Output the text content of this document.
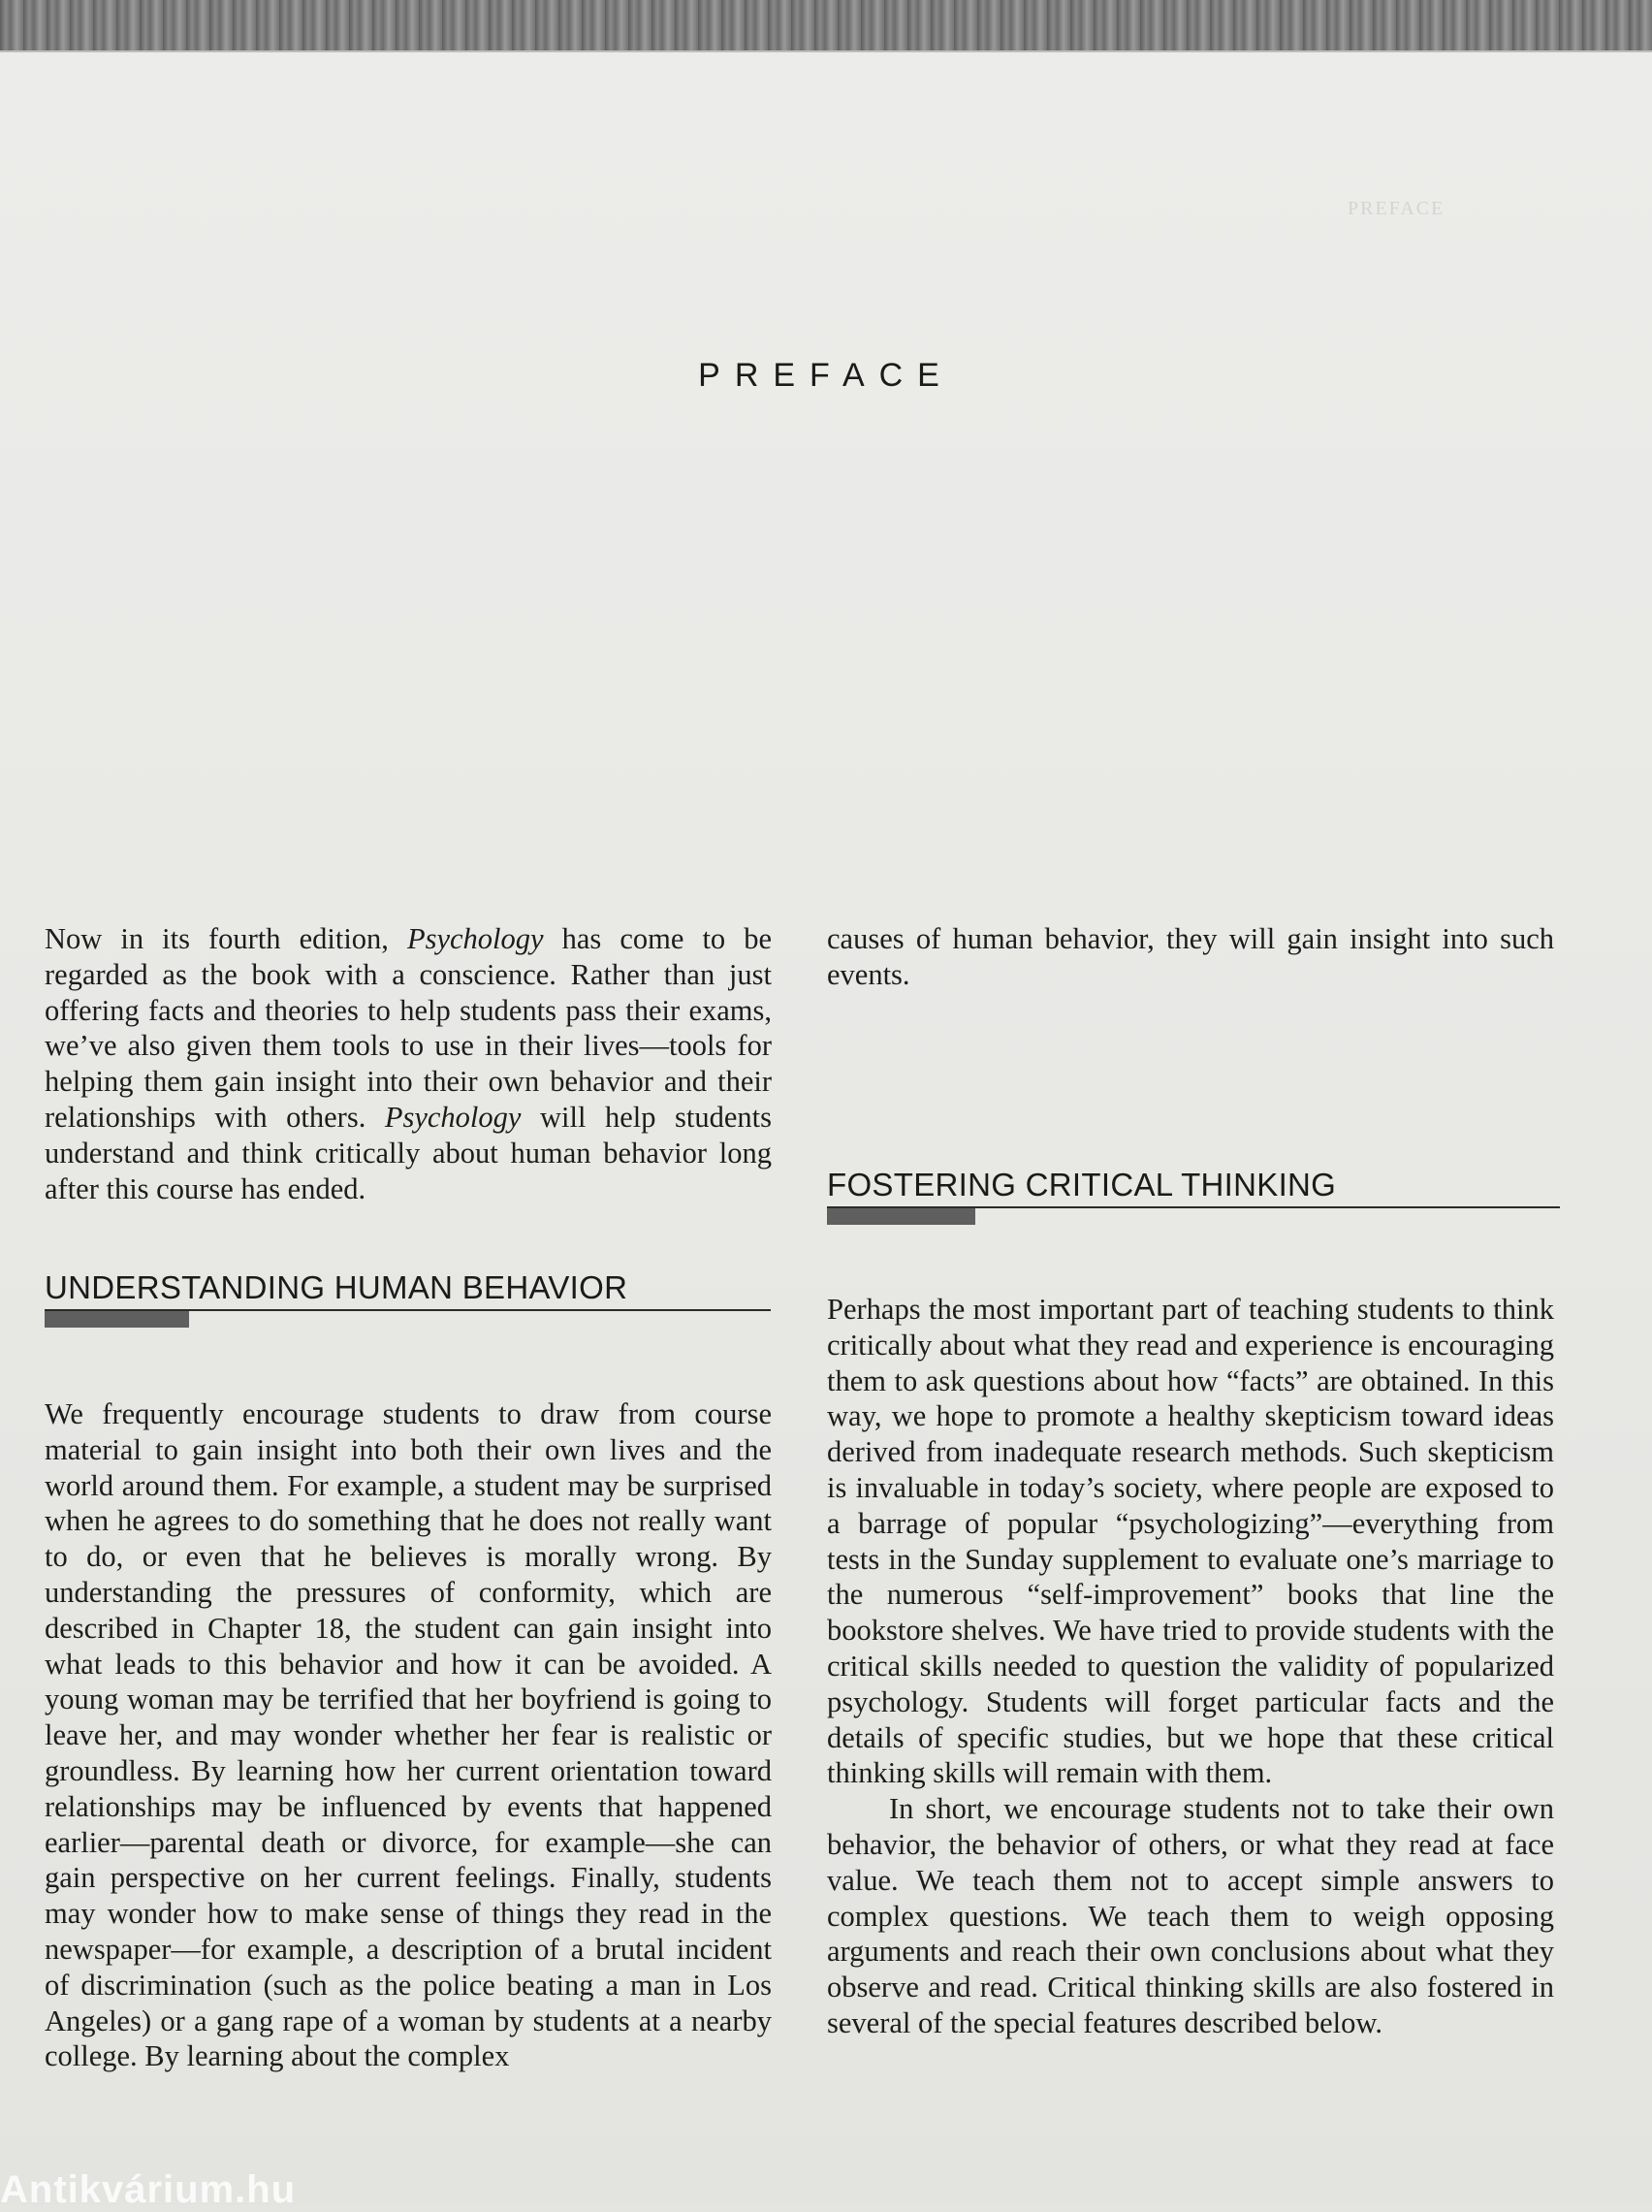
PREFACE
PREFACE

Now in its fourth edition, Psychology has come to be regarded as the book with a conscience. Rather than just offering facts and theories to help students pass their exams, we’ve also given them tools to use in their lives—tools for helping them gain insight into their own behavior and their relationships with others. Psychology will help students understand and think critically about human behavior long after this course has ended.

UNDERSTANDING HUMAN BEHAVIOR

We frequently encourage students to draw from course material to gain insight into both their own lives and the world around them. For example, a student may be surprised when he agrees to do something that he does not really want to do, or even that he believes is morally wrong. By understanding the pressures of conformity, which are described in Chapter 18, the student can gain insight into what leads to this behavior and how it can be avoided. A young woman may be terrified that her boyfriend is going to leave her, and may wonder whether her fear is realistic or groundless. By learning how her current orientation toward relationships may be influenced by events that happened earlier—parental death or divorce, for example—she can gain perspective on her current feelings. Finally, students may wonder how to make sense of things they read in the newspaper—for example, a description of a brutal incident of discrimination (such as the police beating a man in Los Angeles) or a gang rape of a woman by students at a nearby college. By learning about the complex

causes of human behavior, they will gain insight into such events.

FOSTERING CRITICAL THINKING

Perhaps the most important part of teaching students to think critically about what they read and experience is encouraging them to ask questions about how “facts” are obtained. In this way, we hope to promote a healthy skepticism toward ideas derived from inadequate research methods. Such skepticism is invaluable in today’s society, where people are exposed to a barrage of popular “psychologizing”—everything from tests in the Sunday supplement to evaluate one’s marriage to the numerous “self-improvement” books that line the bookstore shelves. We have tried to provide students with the critical skills needed to question the validity of popularized psychology. Students will forget particular facts and the details of specific studies, but we hope that these critical thinking skills will remain with them.

In short, we encourage students not to take their own behavior, the behavior of others, or what they read at face value. We teach them not to accept simple answers to complex questions. We teach them to weigh opposing arguments and reach their own conclusions about what they observe and read. Critical thinking skills are also fostered in several of the special features described below.

Antikvárium.hu
